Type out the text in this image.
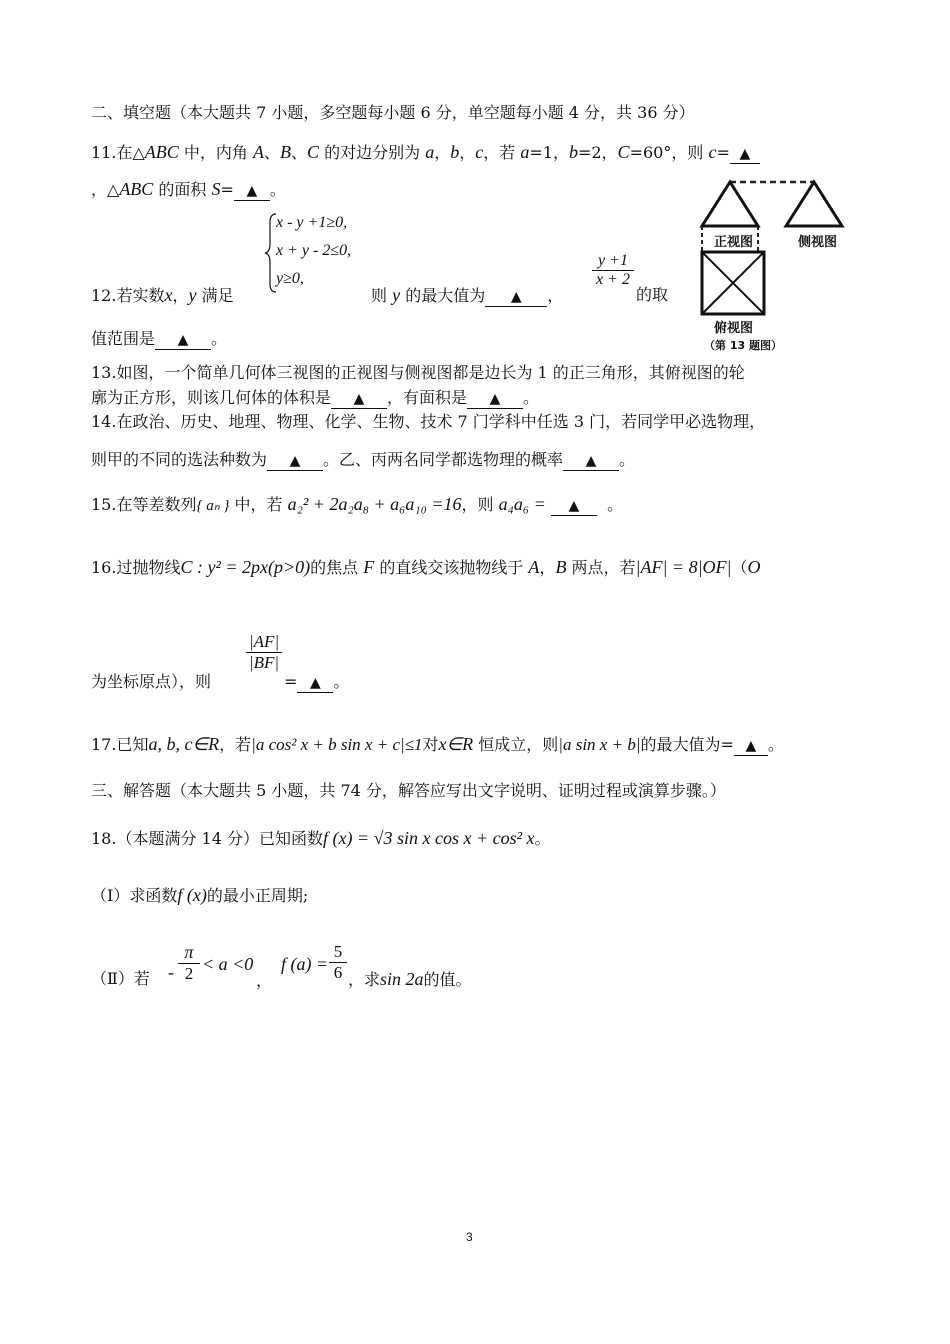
二、填空题（本大题共 7 小题，多空题每小题 6 分，单空题每小题 4 分，共 36 分）
11.在△ABC 中，内角 A、B、C 的对边分别为 a，b，c，若 a=1，b=2，C=60°，则 c= ▲
，△ABC 的面积 S= ▲ 。
x - y +1≥0,
x + y - 2≤0,
y≥0,
12.若实数x，y 满足	则 y 的最大值为 ▲ ，
$\frac{y +1}{x + 2}$
的取
值范围是 ▲ 。
正视图	侧视图
俯视图
（第 13 题图）
13.如图，一个简单几何体三视图的正视图与侧视图都是边长为 1 的正三角形，其俯视图的轮
廓为正方形，则该几何体的体积是 ▲ ，有面积是 ▲ 。
14.在政治、历史、地理、物理、化学、生物、技术 7 门学科中任选 3 门，若同学甲必选物理，
则甲的不同的选法种数为 ▲ 。乙、丙两名同学都选物理的概率 ▲ 。
15.在等差数列{ aₙ } 中，若 a₂² + 2a₂a₈ + a₆a₁₀ =16，则 a₄a₆ = ▲ 。
16.过抛物线C : y² = 2px(p>0)的焦点 F 的直线交该抛物线于 A，B 两点，若|AF| = 8|OF|（O
为坐标原点），则
$\frac{|AF|}{|BF|}$
= ▲ 。
17.已知a, b, c∈R，若|a cos² x + b sin x + c|≤1对x∈R 恒成立，则|a sin x + b|的最大值为= ▲ 。
三、解答题（本大题共 5 小题，共 74 分，解答应写出文字说明、证明过程或演算步骤。）
18.（本题满分 14 分）已知函数f (x) = √3 sin x cos x + cos² x。
（Ⅰ）求函数f (x)的最小正周期;
（Ⅱ）若 - $\frac{\pi}{2} < a <0$
，
f $(a) = \frac{5}{6}$ ，求sin 2a的值。
3
